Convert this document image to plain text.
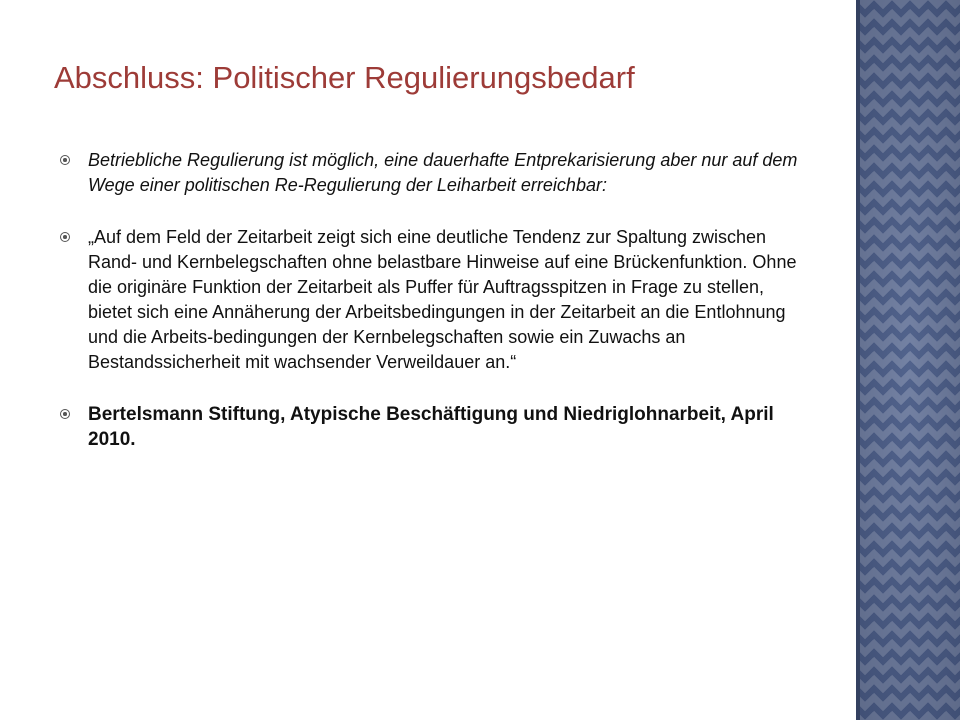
Abschluss: Politischer Regulierungsbedarf

Betriebliche Regulierung ist möglich, eine dauerhafte Entprekarisierung aber nur auf dem Wege einer politischen Re-Regulierung der Leiharbeit erreichbar:

„Auf dem Feld der Zeitarbeit zeigt sich eine deutliche Tendenz zur Spaltung zwischen Rand- und Kernbelegschaften ohne belastbare Hinweise auf eine Brückenfunktion. Ohne die originäre Funktion der Zeitarbeit als Puffer für Auftragsspitzen in Frage zu stellen, bietet sich eine Annäherung der Arbeitsbedingungen in der Zeitarbeit an die Entlohnung und die Arbeits-bedingungen der Kernbelegschaften sowie ein Zuwachs an Bestandssicherheit mit wachsender Verweildauer an.“

Bertelsmann Stiftung, Atypische Beschäftigung und Niedriglohnarbeit, April 2010.
